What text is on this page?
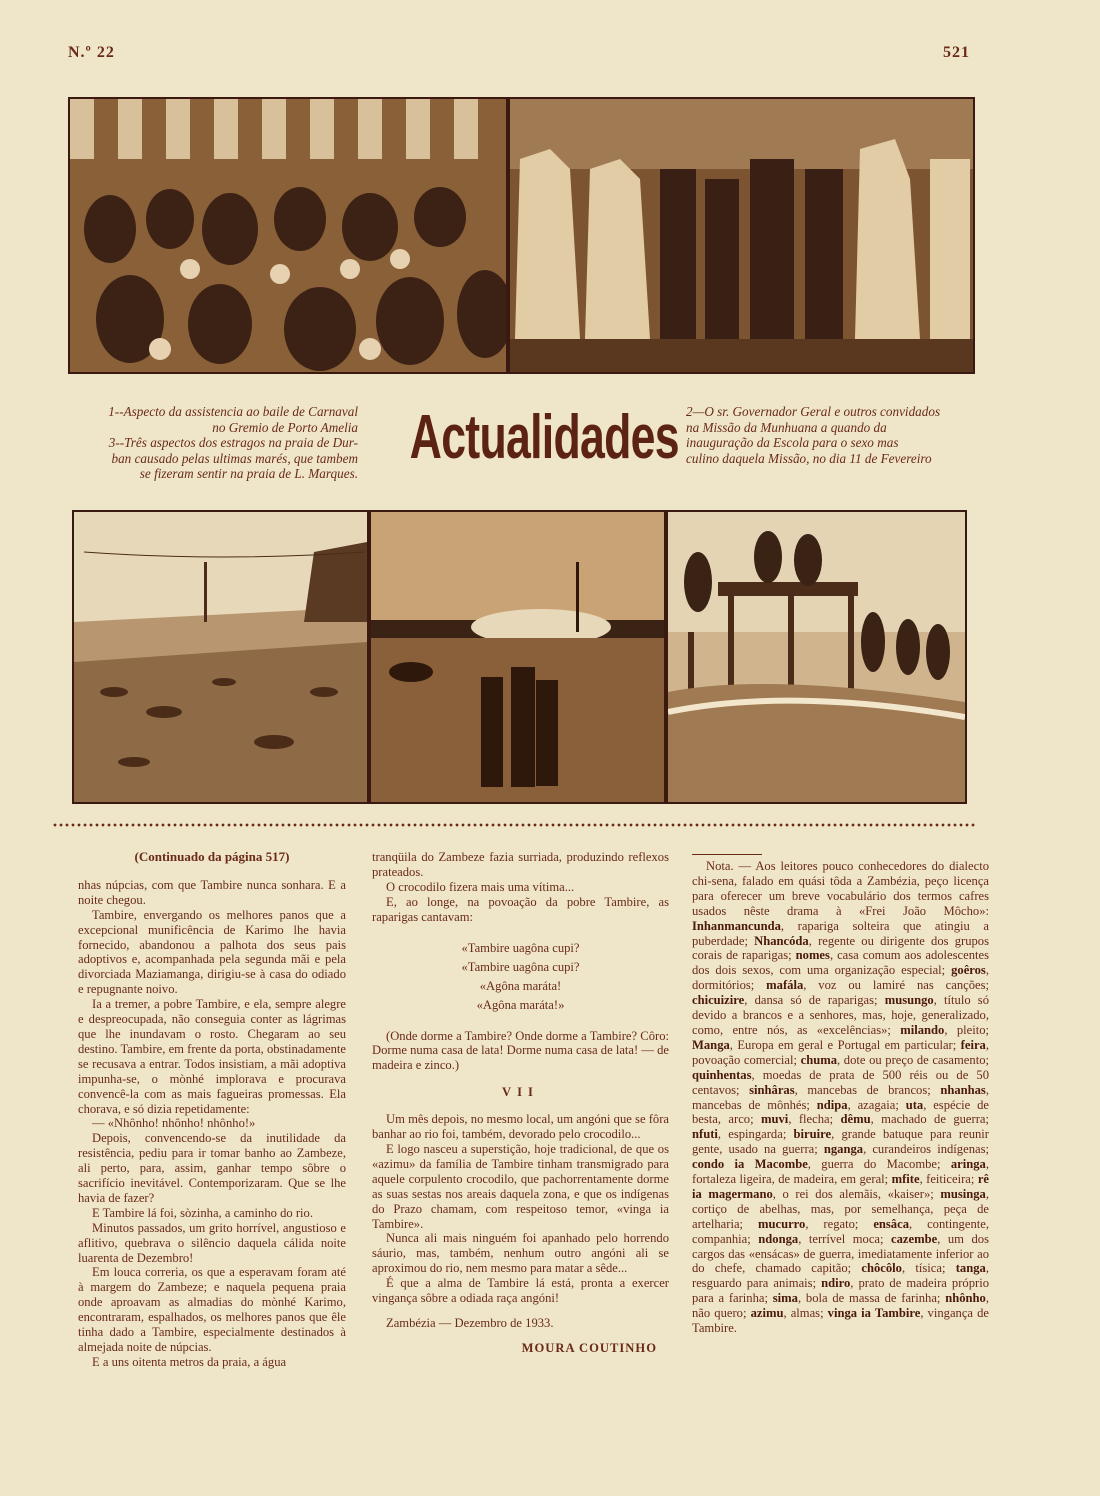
N.º 22	521

1--Aspecto da assistencia ao baile de Carnaval

no Gremio de Porto Amelia

3--Três aspectos dos estragos na praia de Dur-

ban causado pelas ultimas marés, que tambem

se fizeram sentir na praia de L. Marques.

Actualidades 2—O sr. Governador Geral e outros convidados

na Missão da Munhuana a quando da

inauguração da Escola para o sexo mas

culino daquela Missão, no dia 11 de Fevereiro

(Continuado da página 517)

nhas núpcias, com que Tambire nunca sonhara. E a noite chegou.

Tambire, envergando os melhores panos que a excepcional munificência de Karimo lhe havia fornecido, abandonou a palhota dos seus pais adoptivos e, acompanhada pela segunda mãi e pela divorciada Maziamanga, dirigiu-se à casa do odiado e repugnante noivo.

Ia a tremer, a pobre Tambire, e ela, sempre alegre e despreocupada, não conseguia conter as lágrimas que lhe inundavam o rosto. Chegaram ao seu destino. Tambire, em frente da porta, obstinadamente se recusava a entrar. Todos insistiam, a mãi adoptiva impunha-se, o mònhé implorava e procurava convencê-la com as mais fagueiras promessas. Ela chorava, e só dizia repetidamente:

— «Nhônho! nhônho! nhônho!»

Depois, convencendo-se da inutilidade da resistência, pediu para ir tomar banho ao Zambeze, ali perto, para, assim, ganhar tempo sôbre o sacrifício inevitável. Contemporizaram. Que se lhe havia de fazer?

E Tambire lá foi, sòzinha, a caminho do rio.

Minutos passados, um grito horrível, angustioso e aflitivo, quebrava o silêncio daquela cálida noite luarenta de Dezembro!

Em louca correria, os que a esperavam foram até à margem do Zambeze; e naquela pequena praia onde aproavam as almadias do mònhé Karimo, encontraram, espalhados, os melhores panos que êle tinha dado a Tambire, especialmente destinados à almejada noite de núpcias.

E a uns oitenta metros da praia, a água

tranqüila do Zambeze fazia surriada, produzindo reflexos prateados.

O crocodilo fizera mais uma vítima...

E, ao longe, na povoação da pobre Tambire, as raparigas cantavam:

«Tambire uagôna cupi?
«Tambire uagôna cupi?
«Agôna maráta!
«Agôna maráta!»

(Onde dorme a Tambire? Onde dorme a Tambire? Côro: Dorme numa casa de lata! Dorme numa casa de lata! — de madeira e zinco.)

VII

Um mês depois, no mesmo local, um angóni que se fôra banhar ao rio foi, também, devorado pelo crocodilo...

E logo nasceu a superstição, hoje tradicional, de que os «azimu» da família de Tambire tinham transmigrado para aquele corpulento crocodilo, que pachorrentamente dorme as suas sestas nos areais daquela zona, e que os indígenas do Prazo chamam, com respeitoso temor, «vinga ia Tambire».

Nunca ali mais ninguém foi apanhado pelo horrendo sáurio, mas, também, nenhum outro angóni ali se aproximou do rio, nem mesmo para matar a sêde...

É que a alma de Tambire lá está, pronta a exercer vingança sôbre a odiada raça angóni!

Zambézia — Dezembro de 1933.

MOURA COUTINHO

Nota. — Aos leitores pouco conhecedores do dialecto chi-sena, falado em quási tôda a Zambézia, peço licença para oferecer um breve vocabulário dos termos cafres usados nêste drama à «Frei João Môcho»: Inhanmancunda, rapariga solteira que atingiu a puberdade; Nhancóda, regente ou dirigente dos grupos corais de raparigas; nomes, casa comum aos adolescentes dos dois sexos, com uma organização especial; goêros, dormitórios; mafála, voz ou lamiré nas canções; chicuizire, dansa só de raparigas; musungo, título só devido a brancos e a senhores, mas, hoje, generalizado, como, entre nós, as «excelências»; milando, pleito; Manga, Europa em geral e Portugal em particular; feira, povoação comercial; chuma, dote ou preço de casamento; quinhentas, moedas de prata de 500 réis ou de 50 centavos; sinhâras, mancebas de brancos; nhanhas, mancebas de mônhés; ndipa, azagaia; uta, espécie de besta, arco; muvi, flecha; dêmu, machado de guerra; nfuti, espingarda; biruire, grande batuque para reunir gente, usado na guerra; nganga, curandeiros indígenas; condo ia Macombe, guerra do Macombe; aringa, fortaleza ligeira, de madeira, em geral; mfite, feiticeira; rê ia magermano, o rei dos alemãis, «kaiser»; musinga, cortiço de abelhas, mas, por semelhança, peça de artelharia; mucurro, regato; ensâca, contingente, companhia; ndonga, terrível moca; cazembe, um dos cargos das «ensácas» de guerra, imediatamente inferior ao do chefe, chamado capitão; chôcôlo, tísica; tanga, resguardo para animais; ndiro, prato de madeira próprio para a farinha; sima, bola de massa de farinha; nhônho, não quero; azimu, almas; vinga ia Tambire, vingança de Tambire.
